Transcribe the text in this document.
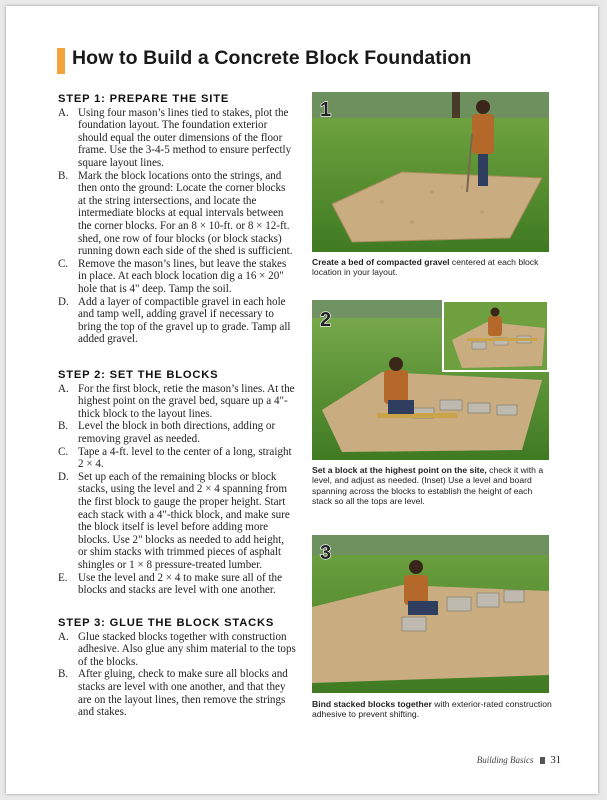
How to Build a Concrete Block Foundation
STEP 1: PREPARE THE SITE
A. Using four mason’s lines tied to stakes, plot the foundation layout. The foundation exterior should equal the outer dimensions of the floor frame. Use the 3-4-5 method to ensure perfectly square layout lines.
B. Mark the block locations onto the strings, and then onto the ground: Locate the corner blocks at the string intersections, and locate the intermediate blocks at equal intervals between the corner blocks. For an 8 × 10-ft. or 8 × 12-ft. shed, one row of four blocks (or block stacks) running down each side of the shed is sufficient.
C. Remove the mason’s lines, but leave the stakes in place. At each block location dig a 16 × 20" hole that is 4" deep. Tamp the soil.
D. Add a layer of compactible gravel in each hole and tamp well, adding gravel if necessary to bring the top of the gravel up to grade. Tamp all added gravel.
STEP 2: SET THE BLOCKS
A. For the first block, retie the mason’s lines. At the highest point on the gravel bed, square up a 4"-thick block to the layout lines.
B. Level the block in both directions, adding or removing gravel as needed.
C. Tape a 4-ft. level to the center of a long, straight 2 × 4.
D. Set up each of the remaining blocks or block stacks, using the level and 2 × 4 spanning from the first block to gauge the proper height. Start each stack with a 4"-thick block, and make sure the block itself is level before adding more blocks. Use 2" blocks as needed to add height, or shim stacks with trimmed pieces of asphalt shingles or 1 × 8 pressure-treated lumber.
E. Use the level and 2 × 4 to make sure all of the blocks and stacks are level with one another.
STEP 3: GLUE THE BLOCK STACKS
A. Glue stacked blocks together with construction adhesive. Also glue any shim material to the tops of the blocks.
B. After gluing, check to make sure all blocks and stacks are level with one another, and that they are on the layout lines, then remove the strings and stakes.
1
Create a bed of compacted gravel centered at each block location in your layout.
2
Set a block at the highest point on the site, check it with a level, and adjust as needed. (Inset) Use a level and board spanning across the blocks to establish the height of each stack so all the tops are level.
3
Bind stacked blocks together with exterior-rated construction adhesive to prevent shifting.
Building Basics 31
